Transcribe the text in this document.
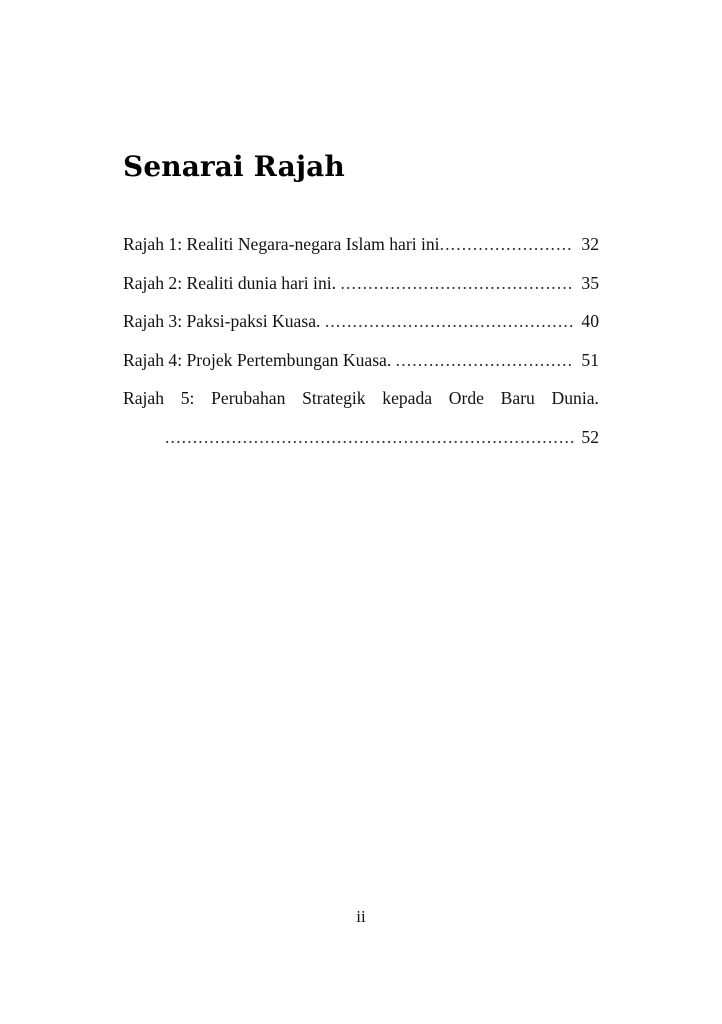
Senarai Rajah
Rajah 1: Realiti Negara-negara Islam hari ini ........................ 32
Rajah 2: Realiti dunia hari ini. .......................................... 35
Rajah 3: Paksi-paksi Kuasa. ............................................. 40
Rajah 4: Projek Pertembungan Kuasa. ................................ 51
Rajah 5: Perubahan Strategik kepada Orde Baru Dunia.
.......................................................................... 52
ii
